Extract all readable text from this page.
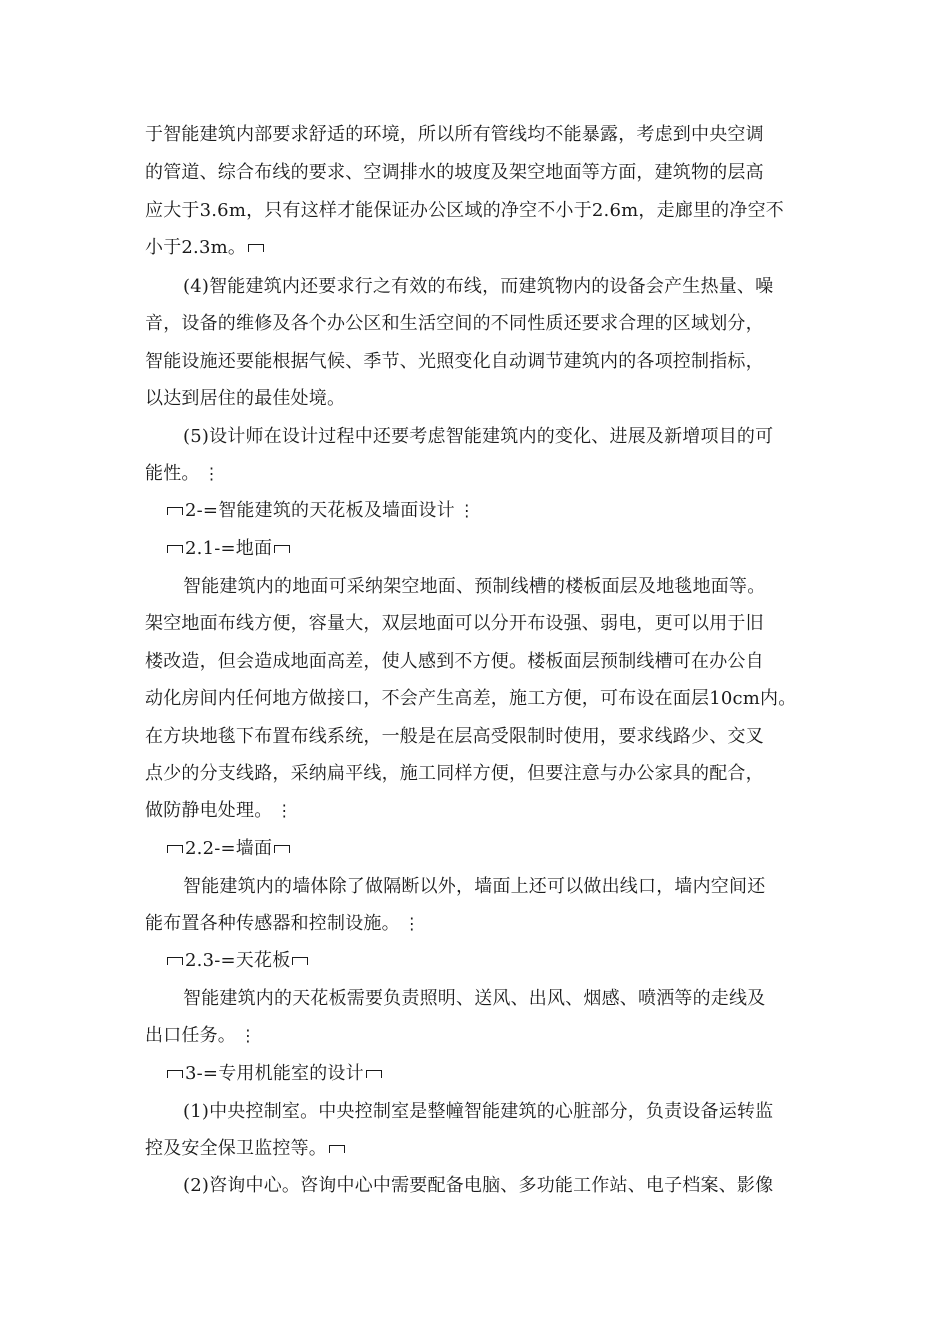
于智能建筑内部要求舒适的环境，所以所有管线均不能暴露，考虑到中央空调
的管道、综合布线的要求、空调排水的坡度及架空地面等方面，建筑物的层高
应大于3.6m，只有这样才能保证办公区域的净空不小于2.6m，走廊里的净空不
小于2.3m。
(4)智能建筑内还要求行之有效的布线，而建筑物内的设备会产生热量、噪
音，设备的维修及各个办公区和生活空间的不同性质还要求合理的区域划分，
智能设施还要能根据气候、季节、光照变化自动调节建筑内的各项控制指标，
以达到居住的最佳处境。
(5)设计师在设计过程中还要考虑智能建筑内的变化、进展及新增项目的可
能性。 ⋮
2-=智能建筑的天花板及墙面设计 ⋮
2.1-=地面
智能建筑内的地面可采纳架空地面、预制线槽的楼板面层及地毯地面等。
架空地面布线方便，容量大，双层地面可以分开布设强、弱电，更可以用于旧
楼改造，但会造成地面高差，使人感到不方便。楼板面层预制线槽可在办公自
动化房间内任何地方做接口，不会产生高差，施工方便，可布设在面层10cm内。
在方块地毯下布置布线系统，一般是在层高受限制时使用，要求线路少、交叉
点少的分支线路，采纳扁平线，施工同样方便，但要注意与办公家具的配合，
做防静电处理。 ⋮
2.2-=墙面
智能建筑内的墙体除了做隔断以外，墙面上还可以做出线口，墙内空间还
能布置各种传感器和控制设施。 ⋮
2.3-=天花板
智能建筑内的天花板需要负责照明、送风、出风、烟感、喷洒等的走线及
出口任务。 ⋮
3-=专用机能室的设计
(1)中央控制室。中央控制室是整幢智能建筑的心脏部分，负责设备运转监
控及安全保卫监控等。
(2)咨询中心。咨询中心中需要配备电脑、多功能工作站、电子档案、影像
